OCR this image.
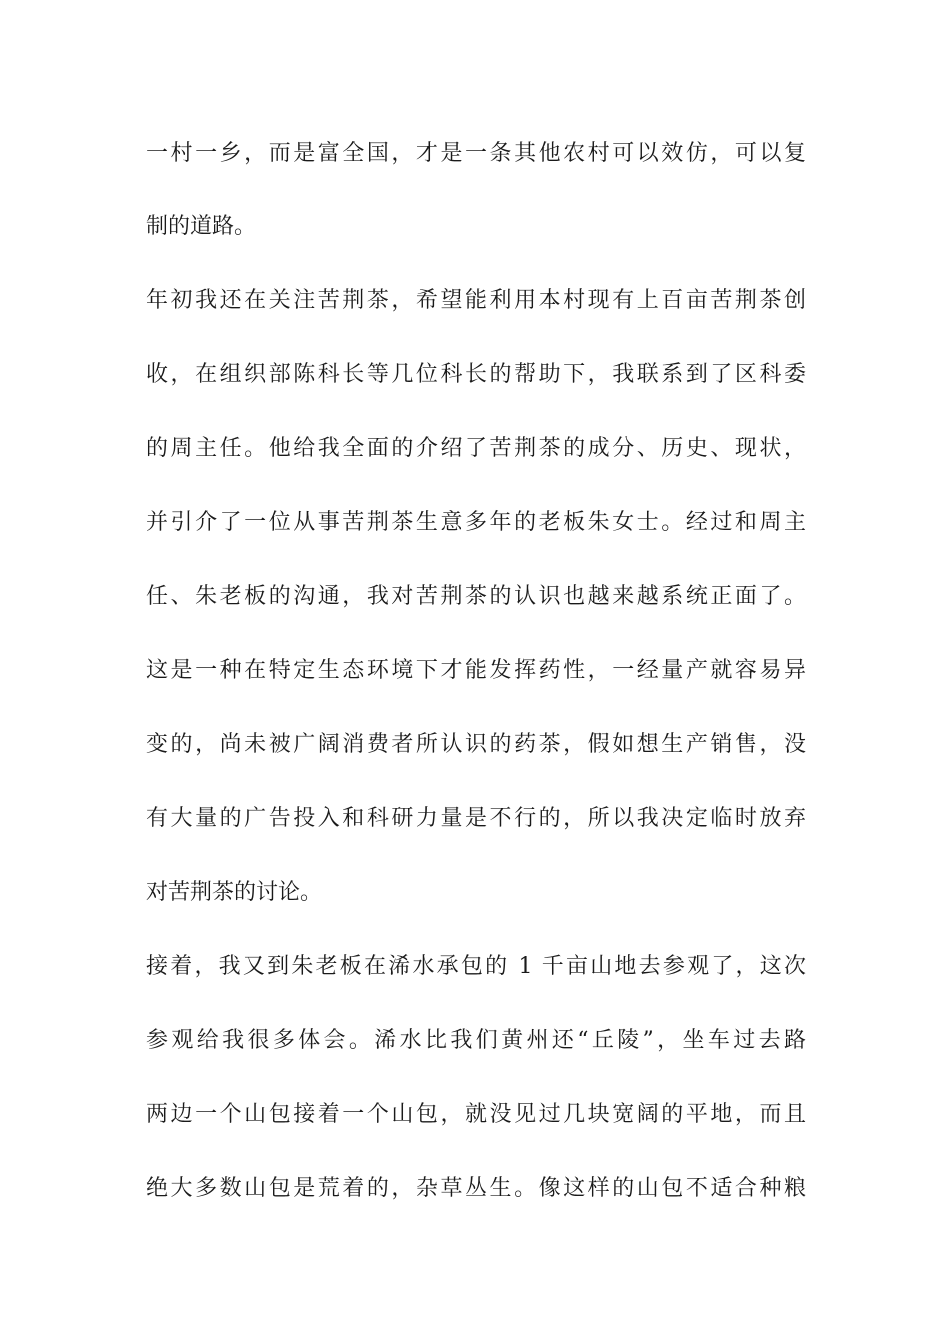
一村一乡，而是富全国，才是一条其他农村可以效仿，可以复
制的道路。
年初我还在关注苦荆茶，希望能利用本村现有上百亩苦荆茶创
收，在组织部陈科长等几位科长的帮助下，我联系到了区科委
的周主任。他给我全面的介绍了苦荆茶的成分、历史、现状，
并引介了一位从事苦荆茶生意多年的老板朱女士。经过和周主
任、朱老板的沟通，我对苦荆茶的认识也越来越系统正面了。
这是一种在特定生态环境下才能发挥药性，一经量产就容易异
变的，尚未被广阔消费者所认识的药茶，假如想生产销售，没
有大量的广告投入和科研力量是不行的，所以我决定临时放弃
对苦荆茶的讨论。
接着，我又到朱老板在浠水承包的 1 千亩山地去参观了，这次
参观给我很多体会。浠水比我们黄州还“丘陵”，坐车过去路
两边一个山包接着一个山包，就没见过几块宽阔的平地，而且
绝大多数山包是荒着的，杂草丛生。像这样的山包不适合种粮
